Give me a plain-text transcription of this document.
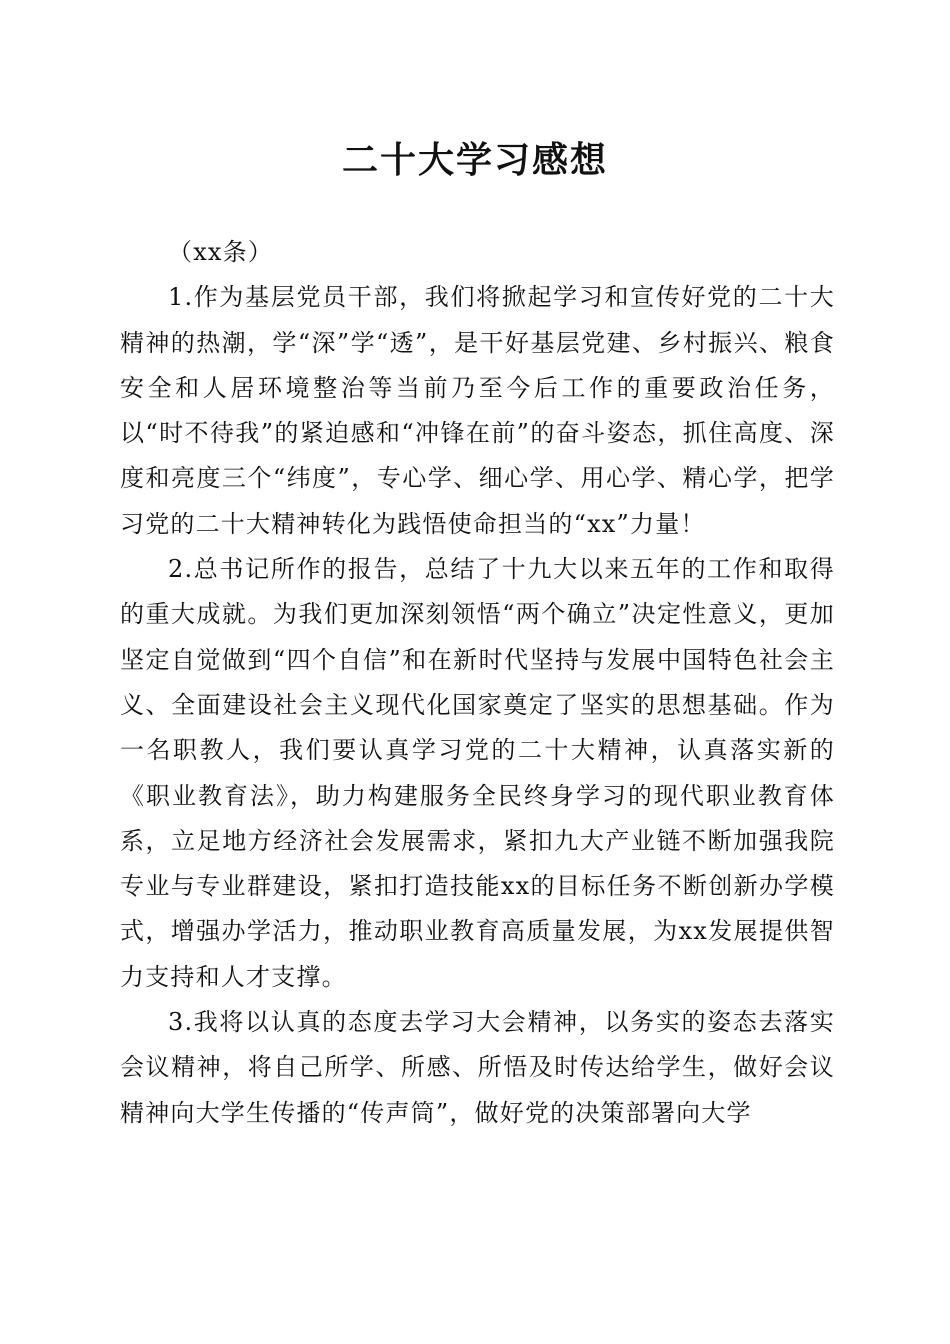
二十大学习感想

（xx条）

1.作为基层党员干部，我们将掀起学习和宣传好党的二十大精神的热潮，学“深”学“透”，是干好基层党建、乡村振兴、粮食安全和人居环境整治等当前乃至今后工作的重要政治任务，以“时不待我”的紧迫感和“冲锋在前”的奋斗姿态，抓住高度、深度和亮度三个“纬度”，专心学、细心学、用心学、精心学，把学习党的二十大精神转化为践悟使命担当的“xx”力量！

2.总书记所作的报告，总结了十九大以来五年的工作和取得的重大成就。为我们更加深刻领悟“两个确立”决定性意义，更加坚定自觉做到“四个自信”和在新时代坚持与发展中国特色社会主义、全面建设社会主义现代化国家奠定了坚实的思想基础。作为一名职教人，我们要认真学习党的二十大精神，认真落实新的《职业教育法》，助力构建服务全民终身学习的现代职业教育体系，立足地方经济社会发展需求，紧扣九大产业链不断加强我院专业与专业群建设，紧扣打造技能xx的目标任务不断创新办学模式，增强办学活力，推动职业教育高质量发展，为xx发展提供智力支持和人才支撑。

3.我将以认真的态度去学习大会精神，以务实的姿态去落实会议精神，将自己所学、所感、所悟及时传达给学生，做好会议精神向大学生传播的“传声筒”，做好党的决策部署向大学
